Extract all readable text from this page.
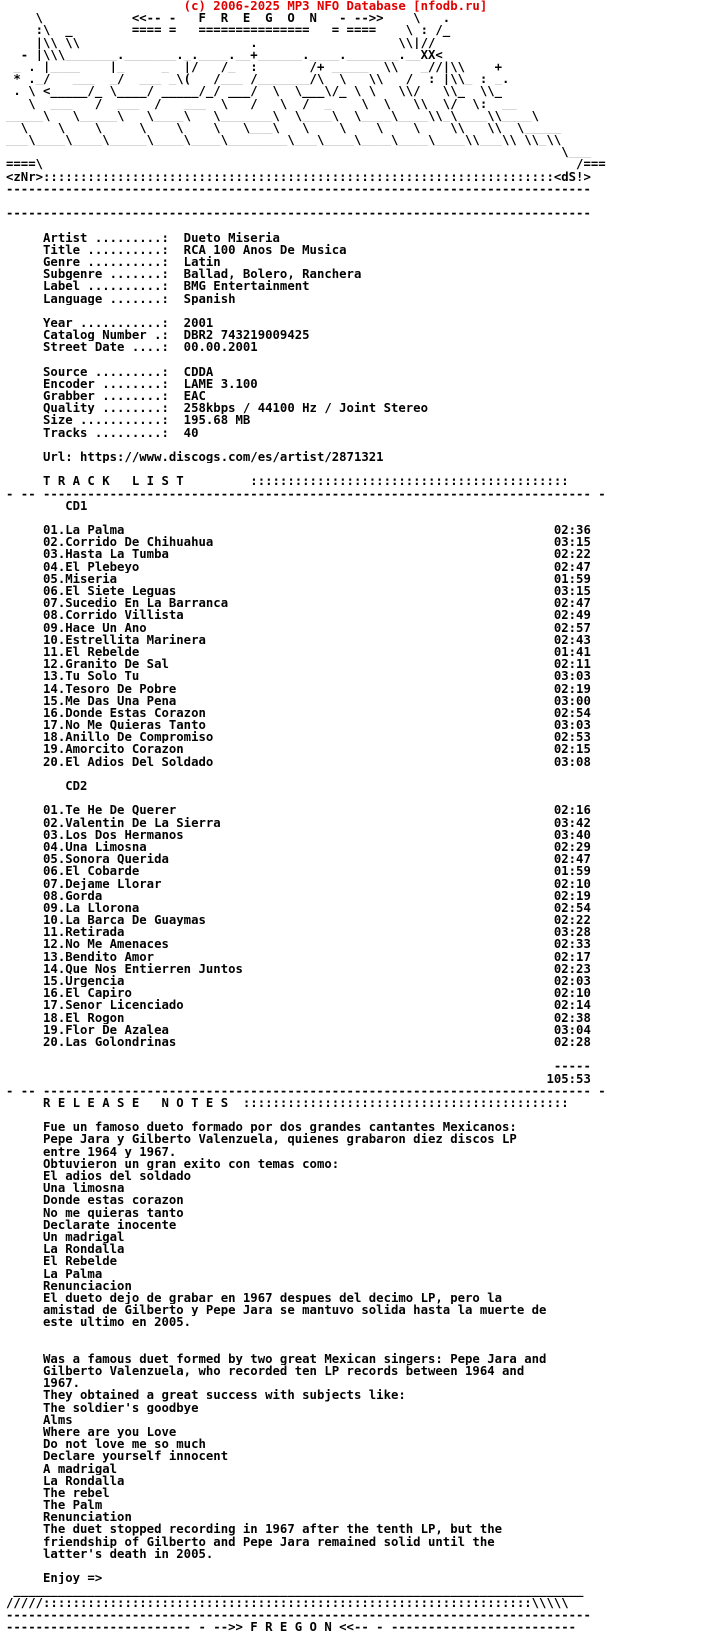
(c) 2006-2025 MP3 NFO Database [nfodb.ru]
\            <<-- -   F  R  E  G  O  N   - -->>    \   .
:\  _        ==== =   ===============   = ====    \ : /_
|\\ \\                       .                   \\|//
- |\\\_______._______._.____.__+______.____._______.__XX<
_ . |____    |_     _  |/   /_  :       /+ _____  \\   _//|\\    +
* ._/   ___  _/  ___ _\(   /___ /_______/\  \   \\   /  : |\\_ : _.
. \ <_____/_ \____/ _____/_/ ___/  \  \___\/_ \ \   \\/   \\_  \\_
\  ___   /  ___  /   ___  \   /   \  /  _    \  \   \\  \/  \:  __
_____\   \_____\   \____\   \_______\  \____\  \____\____\\_\____\\____\
\    \    \     \    \    \   \___\   \    \    \    \    \\   \\  \_____
___\____\____\_____\____\____\________\___\____\____\____\____\\___\\ \\_\\
\___
====\                                                                        /===
<zNr>:::::::::::::::::::::::::::::::::::::::::::::::::::::::::::::::::::::<dS!>
-------------------------------------------------------------------------------
-------------------------------------------------------------------------------
Artist .........:  Dueto Miseria
Title ..........:  RCA 100 Anos De Musica
Genre ..........:  Latin
Subgenre .......:  Ballad, Bolero, Ranchera
Label ..........:  BMG Entertainment
Language .......:  Spanish
Year ...........:  2001
Catalog Number .:  DBR2 743219009425
Street Date ....:  00.00.2001
Source .........:  CDDA
Encoder ........:  LAME 3.100
Grabber ........:  EAC
Quality ........:  258kbps / 44100 Hz / Joint Stereo
Size ...........:  195.68 MB
Tracks .........:  40
Url: https://www.discogs.com/es/artist/2871321
T R A C K   L I S T         :::::::::::::::::::::::::::::::::::::::::::
- -- -------------------------------------------------------------------------- -
CD1
01.La Palma                                                          02:36
02.Corrido De Chihuahua                                              03:15
03.Hasta La Tumba                                                    02:22
04.El Plebeyo                                                        02:47
05.Miseria                                                           01:59
06.El Siete Leguas                                                   03:15
07.Sucedio En La Barranca                                            02:47
08.Corrido Villista                                                  02:49
09.Hace Un Ano                                                       02:57
10.Estrellita Marinera                                               02:43
11.El Rebelde                                                        01:41
12.Granito De Sal                                                    02:11
13.Tu Solo Tu                                                        03:03
14.Tesoro De Pobre                                                   02:19
15.Me Das Una Pena                                                   03:00
16.Donde Estas Corazon                                               02:54
17.No Me Quieras Tanto                                               03:03
18.Anillo De Compromiso                                              02:53
19.Amorcito Corazon                                                  02:15
20.El Adios Del Soldado                                              03:08
CD2
01.Te He De Querer                                                   02:16
02.Valentin De La Sierra                                             03:42
03.Los Dos Hermanos                                                  03:40
04.Una Limosna                                                       02:29
05.Sonora Querida                                                    02:47
06.El Cobarde                                                        01:59
07.Dejame Llorar                                                     02:10
08.Gorda                                                             02:19
09.La Llorona                                                        02:54
10.La Barca De Guaymas                                               02:22
11.Retirada                                                          03:28
12.No Me Amenaces                                                    02:33
13.Bendito Amor                                                      02:17
14.Que Nos Entierren Juntos                                          02:23
15.Urgencia                                                          02:03
16.El Capiro                                                         02:10
17.Senor Licenciado                                                  02:14
18.El Rogon                                                          02:38
19.Flor De Azalea                                                    03:04
20.Las Golondrinas                                                   02:28
-----
105:53
- -- -------------------------------------------------------------------------- -
R E L E A S E   N O T E S  ::::::::::::::::::::::::::::::::::::::::::::
Fue un famoso dueto formado por dos grandes cantantes Mexicanos:
Pepe Jara y Gilberto Valenzuela, quienes grabaron diez discos LP
entre 1964 y 1967.
Obtuvieron un gran exito con temas como:
El adios del soldado
Una limosna
Donde estas corazon
No me quieras tanto
Declarate inocente
Un madrigal
La Rondalla
El Rebelde
La Palma
Renunciacion
El dueto dejo de grabar en 1967 despues del decimo LP, pero la
amistad de Gilberto y Pepe Jara se mantuvo solida hasta la muerte de
este ultimo en 2005.
Was a famous duet formed by two great Mexican singers: Pepe Jara and
Gilberto Valenzuela, who recorded ten LP records between 1964 and
1967.
They obtained a great success with subjects like:
The soldier's goodbye
Alms
Where are you Love
Do not love me so much
Declare yourself innocent
A madrigal
La Rondalla
The rebel
The Palm
Renunciation
The duet stopped recording in 1967 after the tenth LP, but the
friendship of Gilberto and Pepe Jara remained solid until the
latter's death in 2005.
Enjoy =>
_____________________________________________________________________________
/////::::::::::::::::::::::::::::::::::::::::::::::::::::::::::::::::::\\\\\
-------------------------------------------------------------------------------
------------------------- - -->> F R E G O N <<-- - -------------------------
